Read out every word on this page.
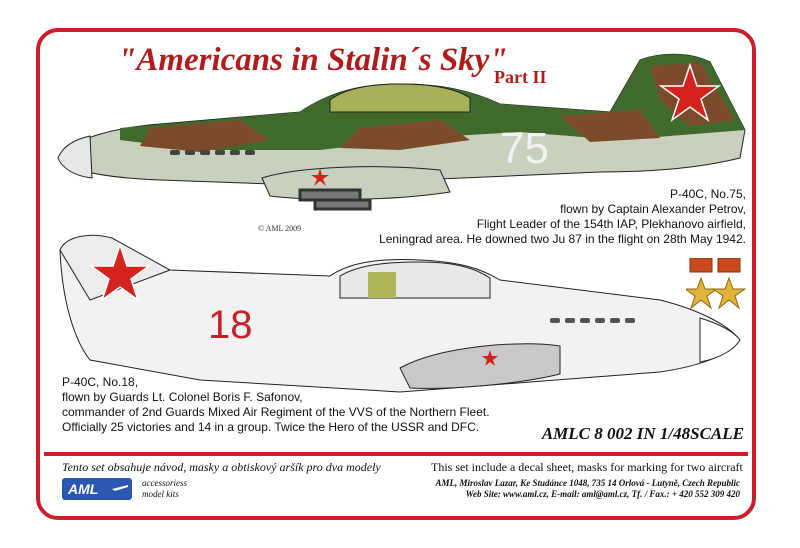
"Americans in Stalin´s Sky"
Part II
75
© AML 2009
P-40C, No.75,
flown by Captain Alexander Petrov,
Flight Leader of the 154th IAP, Plekhanovo airfield,
Leningrad area. He downed two Ju 87 in the flight on 28th May 1942.
18
P-40C, No.18,
flown by Guards Lt. Colonel Boris F. Safonov,
commander of 2nd Guards Mixed Air Regiment of the VVS of the Northern Fleet.
Officially 25 victories and 14 in a group. Twice the Hero of the USSR and DFC.	AMLC 8 002 IN 1/48SCALE
Tento set obsahuje návod, masky a obtiskový aršík pro dva modely	This set include a decal sheet, masks for marking for two aircraft
AML	accessoriess
model kits
AML, Miroslav Lazar, Ke Studánce 1048, 735 14 Orlová - Lutyně, Czech Republic
Web Site: www.aml.cz, E-mail: aml@aml.cz, Tf. / Fax.: + 420 552 309 420
